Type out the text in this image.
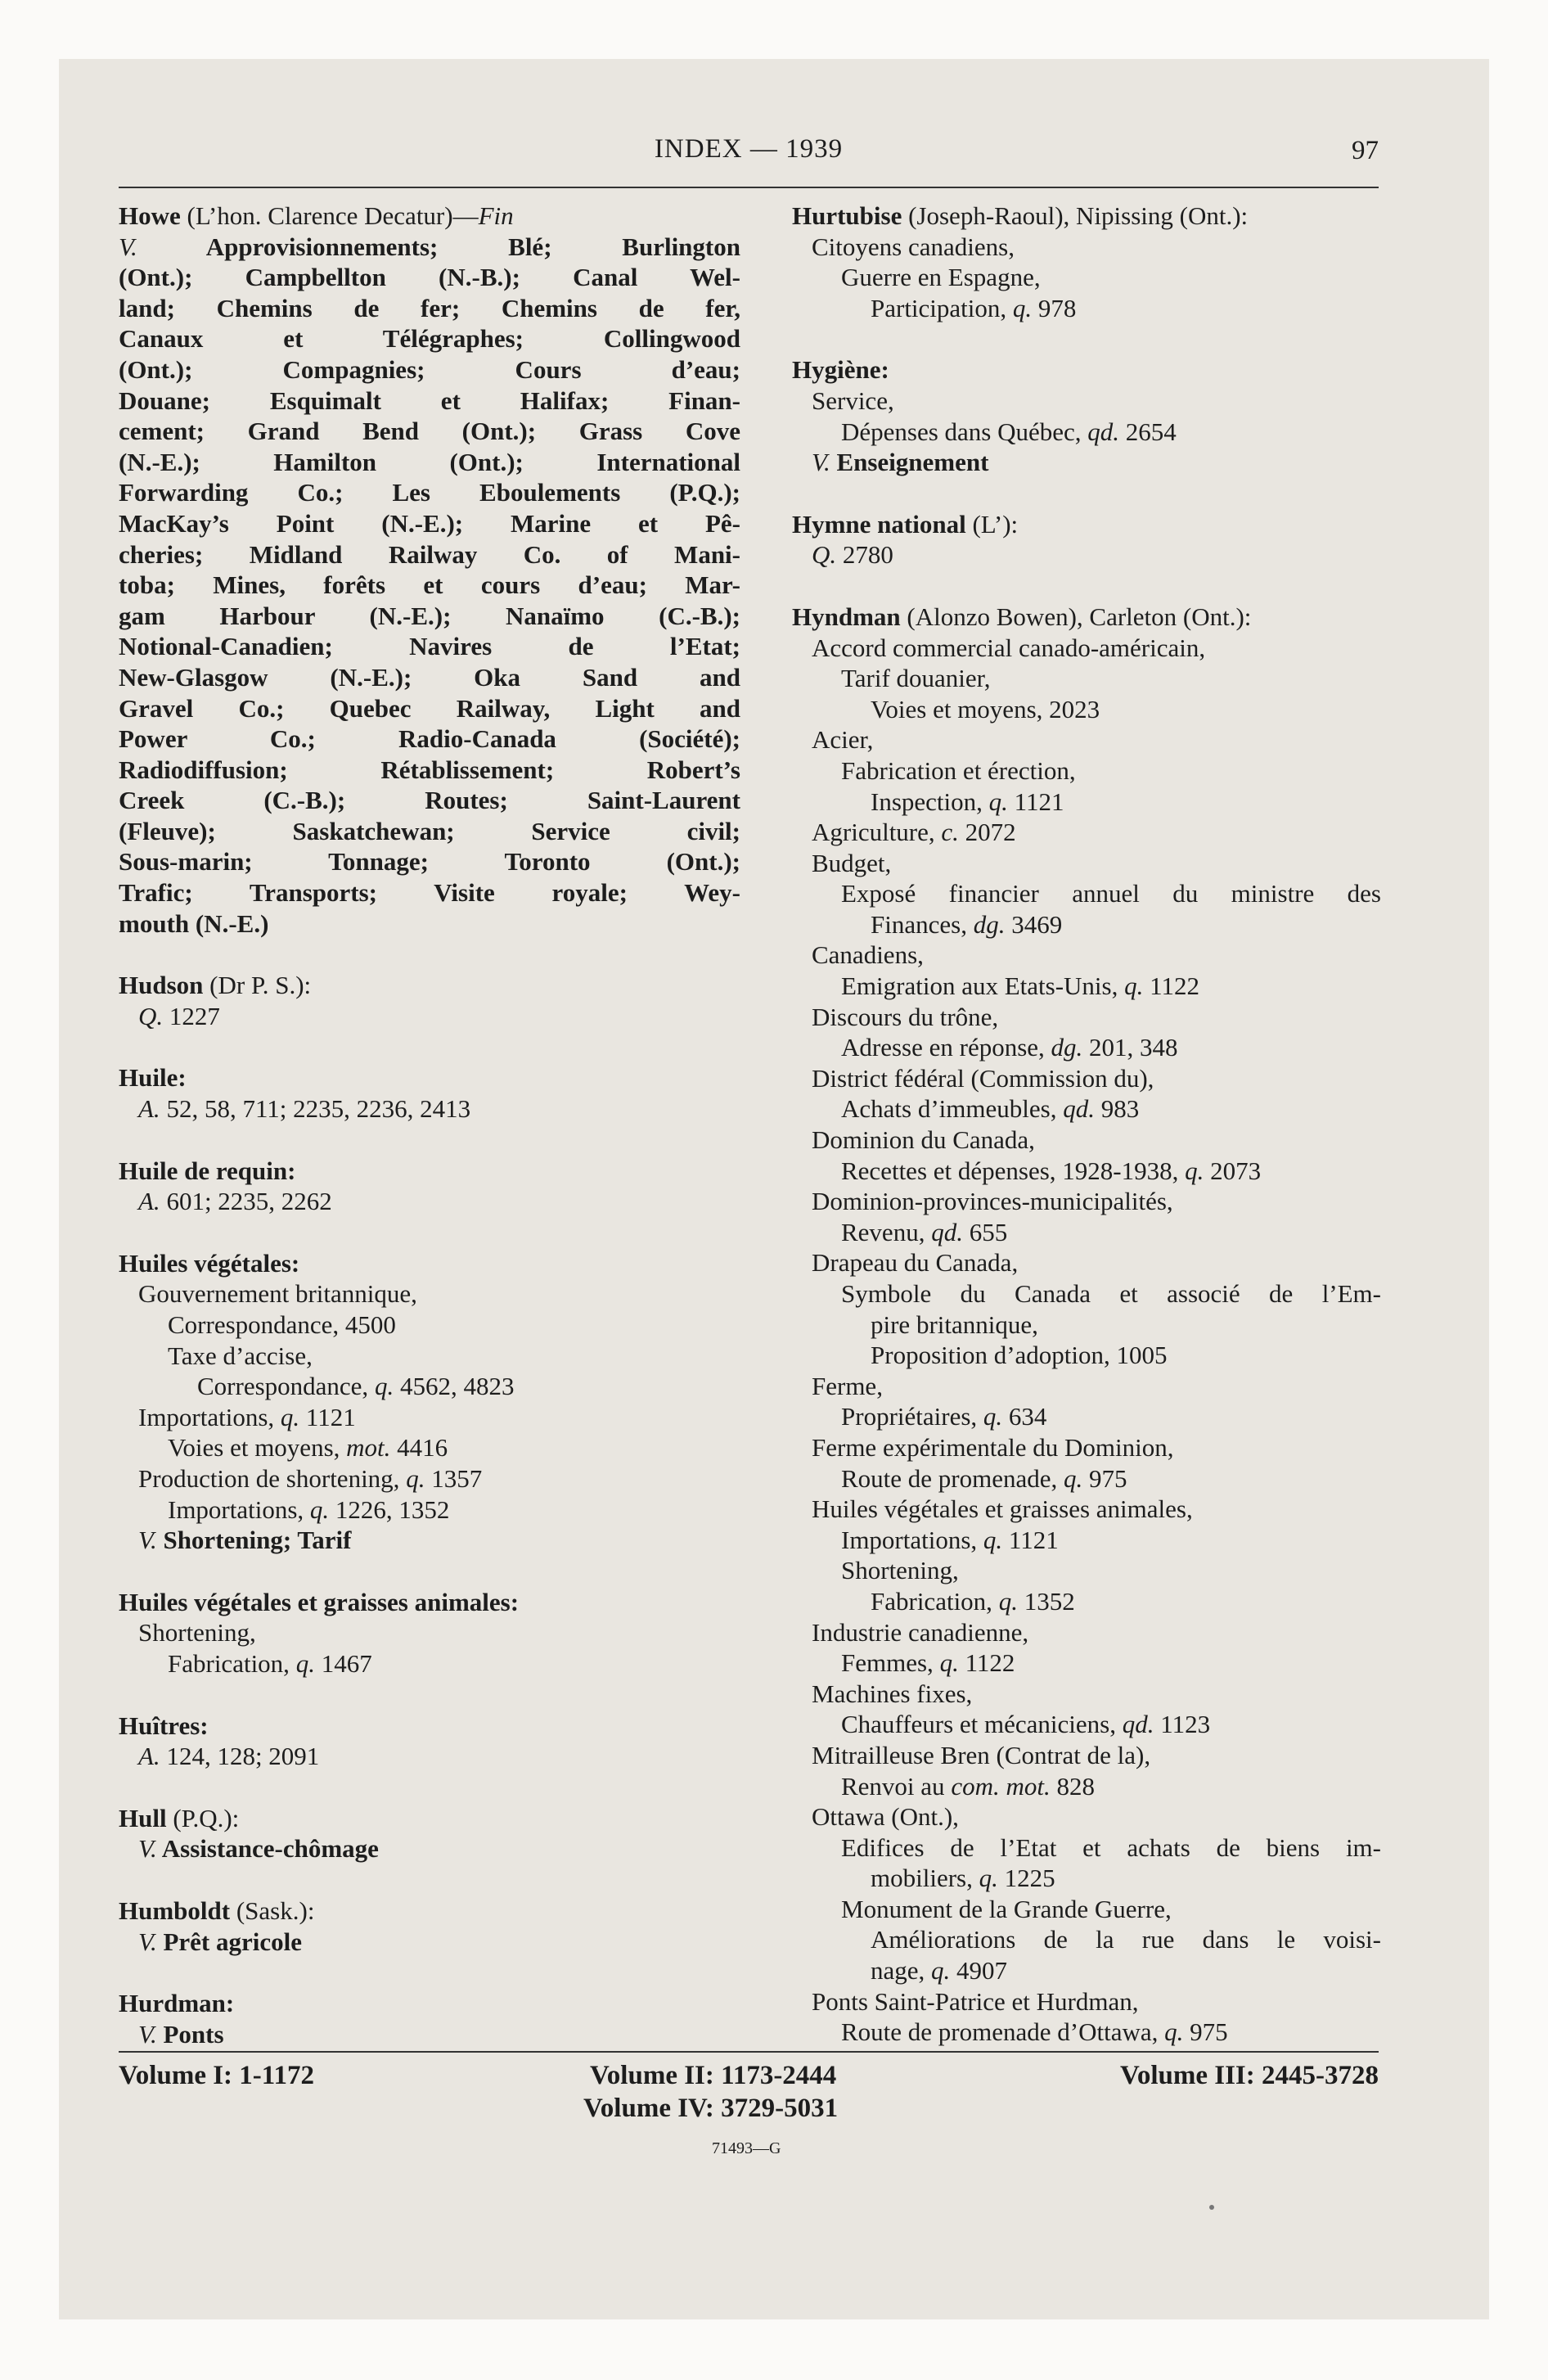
INDEX — 1939	97
Howe (L’hon. Clarence Decatur)—Fin
V. Approvisionnements; Blé; Burlington
(Ont.); Campbellton (N.-B.); Canal Wel-
land; Chemins de fer; Chemins de fer,
Canaux et Télégraphes; Collingwood
(Ont.); Compagnies; Cours d’eau;
Douane; Esquimalt et Halifax; Finan-
cement; Grand Bend (Ont.); Grass Cove
(N.-E.); Hamilton (Ont.); International
Forwarding Co.; Les Eboulements (P.Q.);
MacKay’s Point (N.-E.); Marine et Pê-
cheries; Midland Railway Co. of Mani-
toba; Mines, forêts et cours d’eau; Mar-
gam Harbour (N.-E.); Nanaïmo (C.-B.);
Notional-Canadien; Navires de l’Etat;
New-Glasgow (N.-E.); Oka Sand and
Gravel Co.; Quebec Railway, Light and
Power Co.; Radio-Canada (Société);
Radiodiffusion; Rétablissement; Robert’s
Creek (C.-B.); Routes; Saint-Laurent
(Fleuve); Saskatchewan; Service civil;
Sous-marin; Tonnage; Toronto (Ont.);
Trafic; Transports; Visite royale; Wey-
mouth (N.-E.)
Hudson (Dr P. S.):
Q. 1227
Huile:
A. 52, 58, 711; 2235, 2236, 2413
Huile de requin:
A. 601; 2235, 2262
Huiles végétales:
Gouvernement britannique,
Correspondance, 4500
Taxe d’accise,
Correspondance, q. 4562, 4823
Importations, q. 1121
Voies et moyens, mot. 4416
Production de shortening, q. 1357
Importations, q. 1226, 1352
V. Shortening; Tarif
Huiles végétales et graisses animales:
Shortening,
Fabrication, q. 1467
Huîtres:
A. 124, 128; 2091
Hull (P.Q.):
V. Assistance-chômage
Humboldt (Sask.):
V. Prêt agricole
Hurdman:
V. Ponts
Hurtubise (Joseph-Raoul), Nipissing (Ont.):
Citoyens canadiens,
Guerre en Espagne,
Participation, q. 978
Hygiène:
Service,
Dépenses dans Québec, qd. 2654
V. Enseignement
Hymne national (L’):
Q. 2780
Hyndman (Alonzo Bowen), Carleton (Ont.):
Accord commercial canado-américain,
Tarif douanier,
Voies et moyens, 2023
Acier,
Fabrication et érection,
Inspection, q. 1121
Agriculture, c. 2072
Budget,
Exposé financier annuel du ministre des
Finances, dg. 3469
Canadiens,
Emigration aux Etats-Unis, q. 1122
Discours du trône,
Adresse en réponse, dg. 201, 348
District fédéral (Commission du),
Achats d’immeubles, qd. 983
Dominion du Canada,
Recettes et dépenses, 1928-1938, q. 2073
Dominion-provinces-municipalités,
Revenu, qd. 655
Drapeau du Canada,
Symbole du Canada et associé de l’Em-
pire britannique,
Proposition d’adoption, 1005
Ferme,
Propriétaires, q. 634
Ferme expérimentale du Dominion,
Route de promenade, q. 975
Huiles végétales et graisses animales,
Importations, q. 1121
Shortening,
Fabrication, q. 1352
Industrie canadienne,
Femmes, q. 1122
Machines fixes,
Chauffeurs et mécaniciens, qd. 1123
Mitrailleuse Bren (Contrat de la),
Renvoi au com. mot. 828
Ottawa (Ont.),
Edifices de l’Etat et achats de biens im-
mobiliers, q. 1225
Monument de la Grande Guerre,
Améliorations de la rue dans le voisi-
nage, q. 4907
Ponts Saint-Patrice et Hurdman,
Route de promenade d’Ottawa, q. 975
Volume I: 1-1172	Volume II: 1173-2444	Volume III: 2445-3728
Volume IV: 3729-5031
71493—G
